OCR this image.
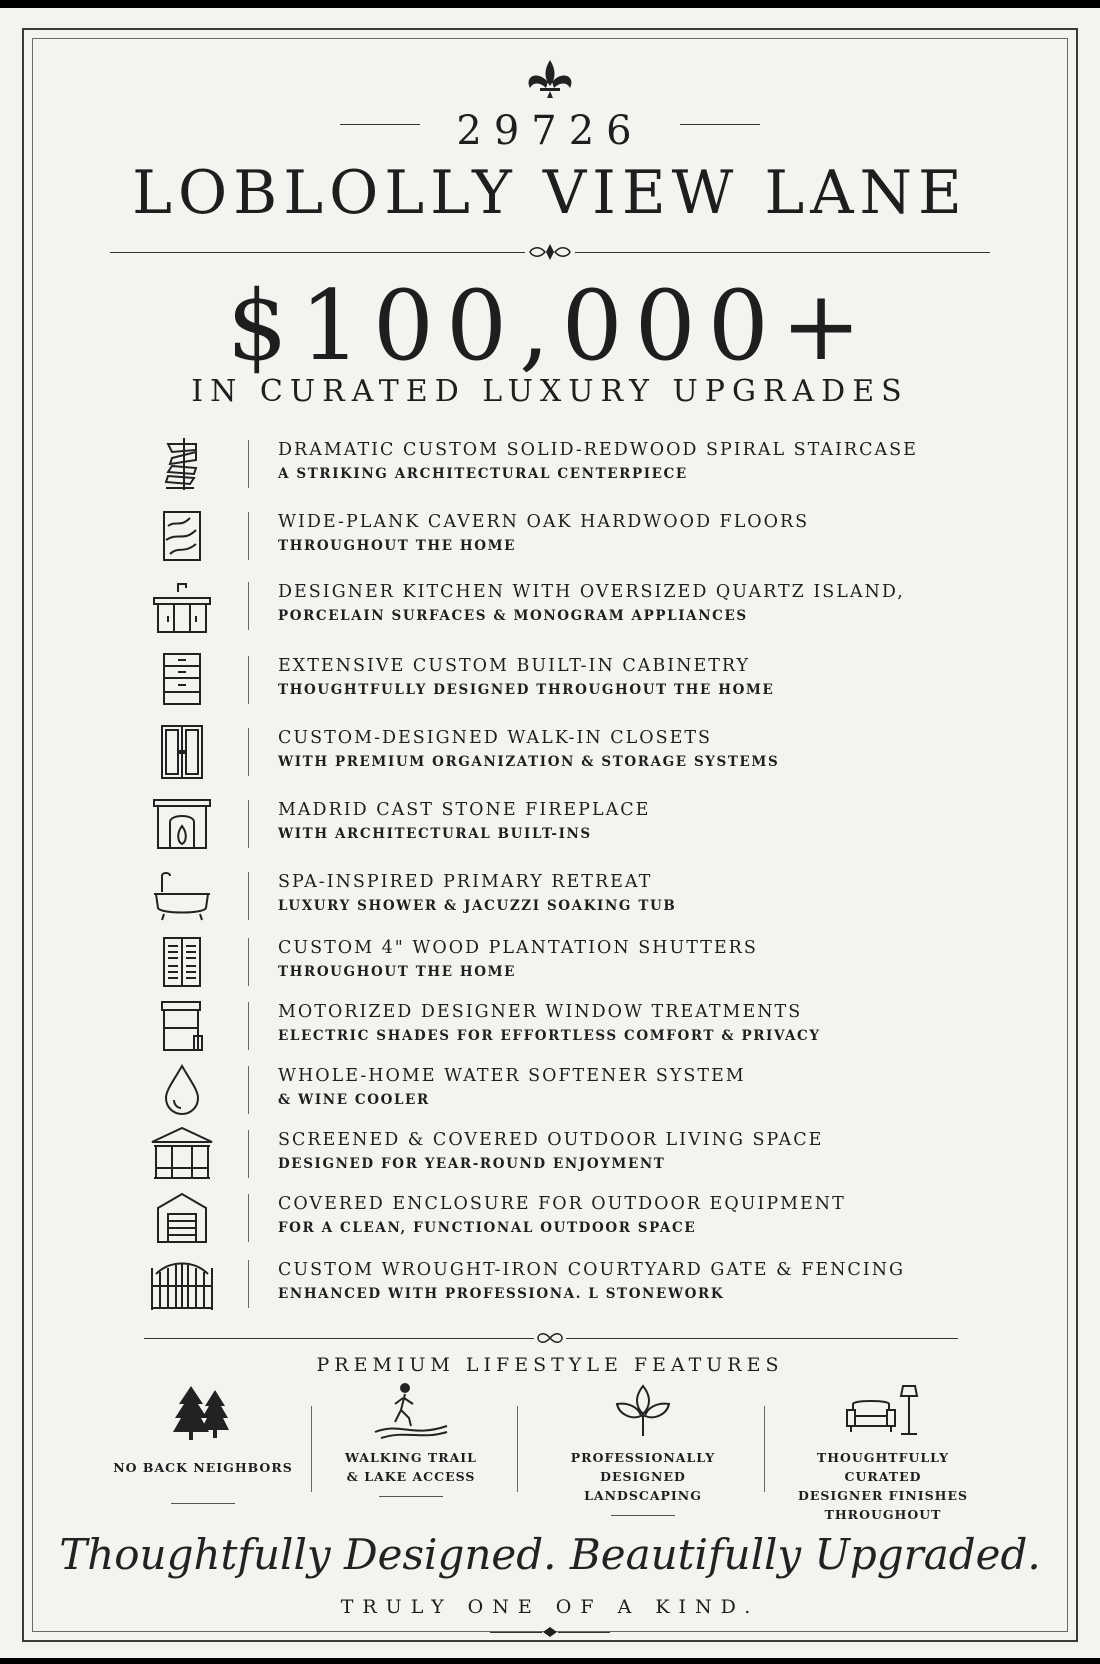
29726
LOBLOLLY VIEW LANE
$100,000+
IN CURATED LUXURY UPGRADES
DRAMATIC CUSTOM SOLID-REDWOOD SPIRAL STAIRCASE
A STRIKING ARCHITECTURAL CENTERPIECE
WIDE-PLANK CAVERN OAK HARDWOOD FLOORS
THROUGHOUT THE HOME
DESIGNER KITCHEN WITH OVERSIZED QUARTZ ISLAND,
PORCELAIN SURFACES & MONOGRAM APPLIANCES
EXTENSIVE CUSTOM BUILT-IN CABINETRY
THOUGHTFULLY DESIGNED THROUGHOUT THE HOME
CUSTOM-DESIGNED WALK-IN CLOSETS
WITH PREMIUM ORGANIZATION & STORAGE SYSTEMS
MADRID CAST STONE FIREPLACE
WITH ARCHITECTURAL BUILT-INS
SPA-INSPIRED PRIMARY RETREAT
LUXURY SHOWER & JACUZZI SOAKING TUB
CUSTOM 4" WOOD PLANTATION SHUTTERS
THROUGHOUT THE HOME
MOTORIZED DESIGNER WINDOW TREATMENTS
ELECTRIC SHADES FOR EFFORTLESS COMFORT & PRIVACY
WHOLE-HOME WATER SOFTENER SYSTEM
& WINE COOLER
SCREENED & COVERED OUTDOOR LIVING SPACE
DESIGNED FOR YEAR-ROUND ENJOYMENT
COVERED ENCLOSURE FOR OUTDOOR EQUIPMENT
FOR A CLEAN, FUNCTIONAL OUTDOOR SPACE
CUSTOM WROUGHT-IRON COURTYARD GATE & FENCING
ENHANCED WITH PROFESSIONA. L STONEWORK
PREMIUM LIFESTYLE FEATURES
NO BACK NEIGHBORS
WALKING TRAIL
& LAKE ACCESS
PROFESSIONALLY
DESIGNED LANDSCAPING
THOUGHTFULLY CURATED
DESIGNER FINISHES
THROUGHOUT
Thoughtfully Designed. Beautifully Upgraded.
TRULY ONE OF A KIND.
